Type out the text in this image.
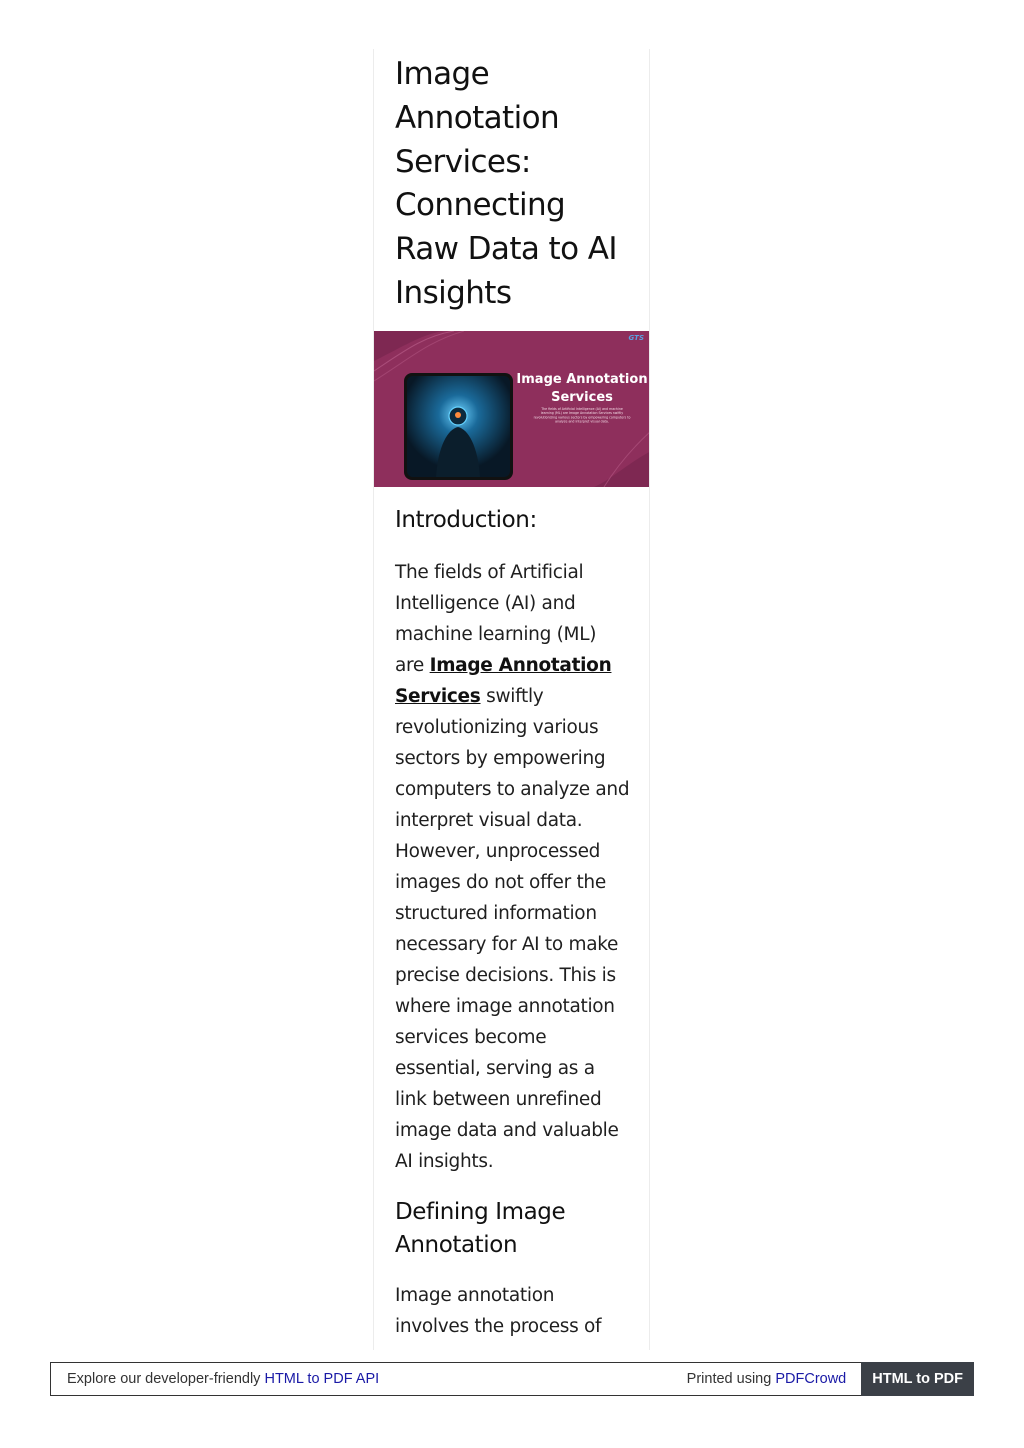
Image Annotation Services: Connecting Raw Data to AI Insights
GTS
Image Annotation
Services
The fields of Artificial Intelligence (AI) and machine learning (ML) are Image Annotation Services swiftly revolutionizing various sectors by empowering computers to analyze and interpret visual data.
Introduction:

The fields of Artificial Intelligence (AI) and machine learning (ML) are Image Annotation Services swiftly revolutionizing various sectors by empowering computers to analyze and interpret visual data. However, unprocessed images do not offer the structured information necessary for AI to make precise decisions. This is where image annotation services become essential, serving as a link between unrefined image data and valuable AI insights.

Defining Image Annotation

Image annotation involves the process of

Explore our developer-friendly HTML to PDF API	Printed using PDFCrowd	HTML to PDF
